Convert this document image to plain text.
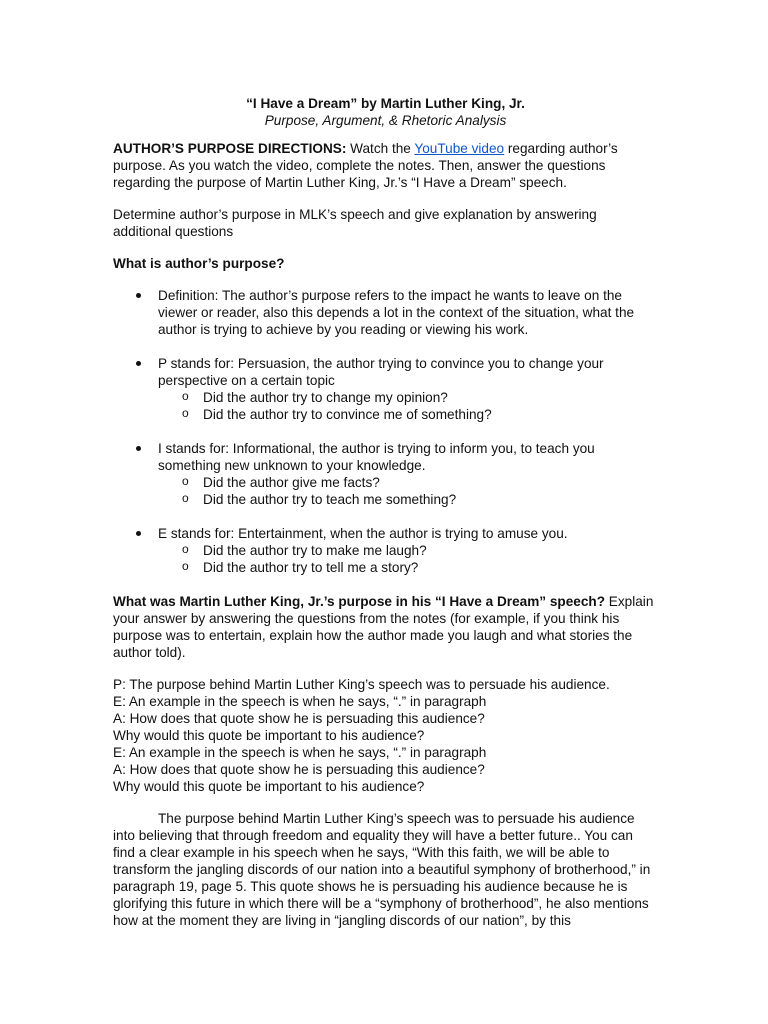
“I Have a Dream” by Martin Luther King, Jr.

Purpose, Argument, & Rhetoric Analysis

AUTHOR’S PURPOSE DIRECTIONS: Watch the YouTube video regarding author’s purpose. As you watch the video, complete the notes. Then, answer the questions regarding the purpose of Martin Luther King, Jr.’s “I Have a Dream” speech.

Determine author’s purpose in MLK’s speech and give explanation by answering additional questions

What is author’s purpose?

Definition: The author’s purpose refers to the impact he wants to leave on the viewer or reader, also this depends a lot in the context of the situation, what the author is trying to achieve by you reading or viewing his work.
P stands for: Persuasion, the author trying to convince you to change your perspective on a certain topic
o Did the author try to change my opinion?
o Did the author try to convince me of something?
I stands for: Informational, the author is trying to inform you, to teach you something new unknown to your knowledge.
o Did the author give me facts?
o Did the author try to teach me something?
E stands for: Entertainment, when the author is trying to amuse you.
o Did the author try to make me laugh?
o Did the author try to tell me a story?

What was Martin Luther King, Jr.’s purpose in his “I Have a Dream” speech? Explain your answer by answering the questions from the notes (for example, if you think his purpose was to entertain, explain how the author made you laugh and what stories the author told).

P: The purpose behind Martin Luther King’s speech was to persuade his audience.

E: An example in the speech is when he says, “.” in paragraph

A: How does that quote show he is persuading this audience?

Why would this quote be important to his audience?

E: An example in the speech is when he says, “.” in paragraph

A: How does that quote show he is persuading this audience?

Why would this quote be important to his audience?

The purpose behind Martin Luther King’s speech was to persuade his audience into believing that through freedom and equality they will have a better future.. You can find a clear example in his speech when he says, “With this faith, we will be able to transform the jangling discords of our nation into a beautiful symphony of brotherhood,” in paragraph 19, page 5. This quote shows he is persuading his audience because he is glorifying this future in which there will be a “symphony of brotherhood”, he also mentions how at the moment they are living in “jangling discords of our nation”, by this
